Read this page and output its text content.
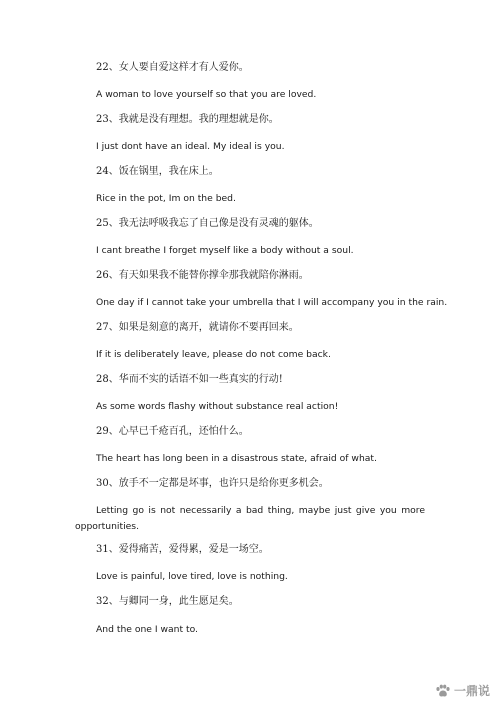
22、女人要自爱这样才有人爱你。
A woman to love yourself so that you are loved.
23、我就是没有理想。我的理想就是你。
I just dont have an ideal. My ideal is you.
24、饭在锅里，我在床上。
Rice in the pot, Im on the bed.
25、我无法呼吸我忘了自己像是没有灵魂的躯体。
I cant breathe I forget myself like a body without a soul.
26、有天如果我不能替你撑伞那我就陪你淋雨。
One day if I cannot take your umbrella that I will accompany you in the rain.
27、如果是刻意的离开，就请你不要再回来。
If it is deliberately leave, please do not come back.
28、华而不实的话语不如一些真实的行动!
As some words flashy without substance real action!
29、心早已千疮百孔，还怕什么。
The heart has long been in a disastrous state, afraid of what.
30、放手不一定都是坏事，也许只是给你更多机会。
Letting go is not necessarily a bad thing, maybe just give you more opportunities.
31、爱得痛苦，爱得累，爱是一场空。
Love is painful, love tired, love is nothing.
32、与卿同一身，此生愿足矣。
And the one I want to.
一鼎说
